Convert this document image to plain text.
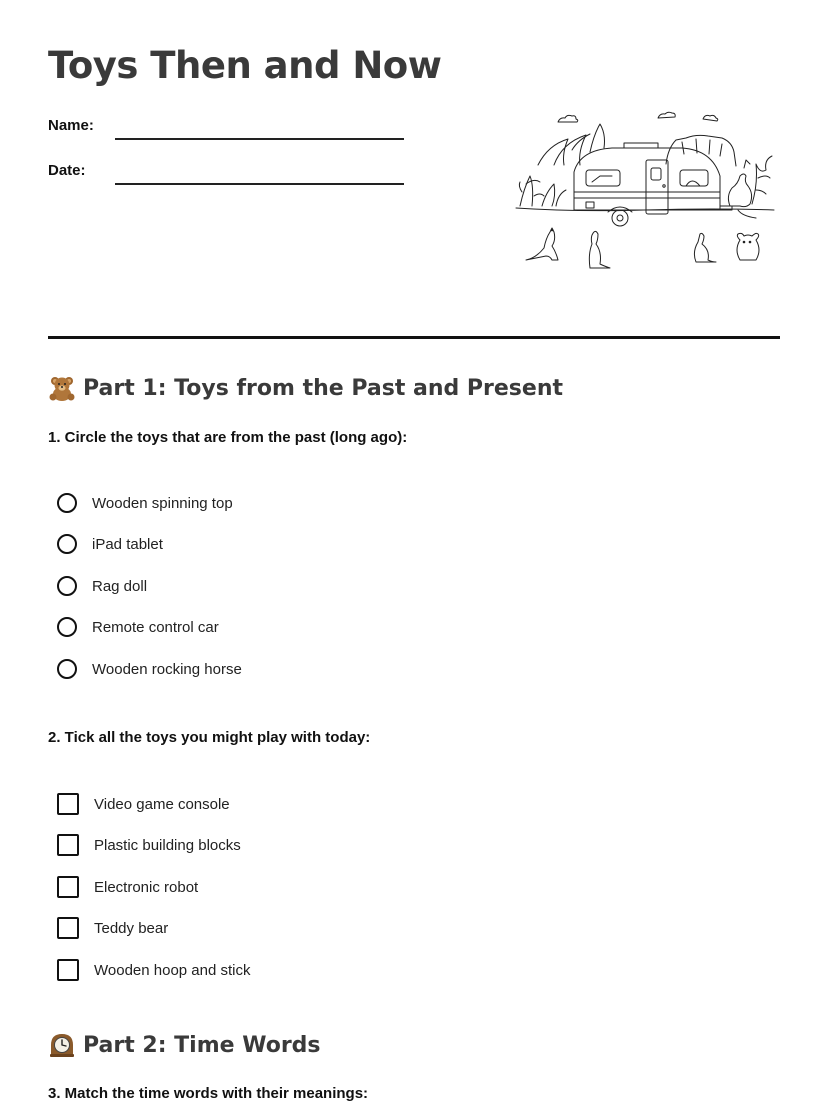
Toys Then and Now
Name:
Date:
Part 1: Toys from the Past and Present
1. Circle the toys that are from the past (long ago):
Wooden spinning top
iPad tablet
Rag doll
Remote control car
Wooden rocking horse
2. Tick all the toys you might play with today:
Video game console
Plastic building blocks
Electronic robot
Teddy bear
Wooden hoop and stick
Part 2: Time Words
3. Match the time words with their meanings:
